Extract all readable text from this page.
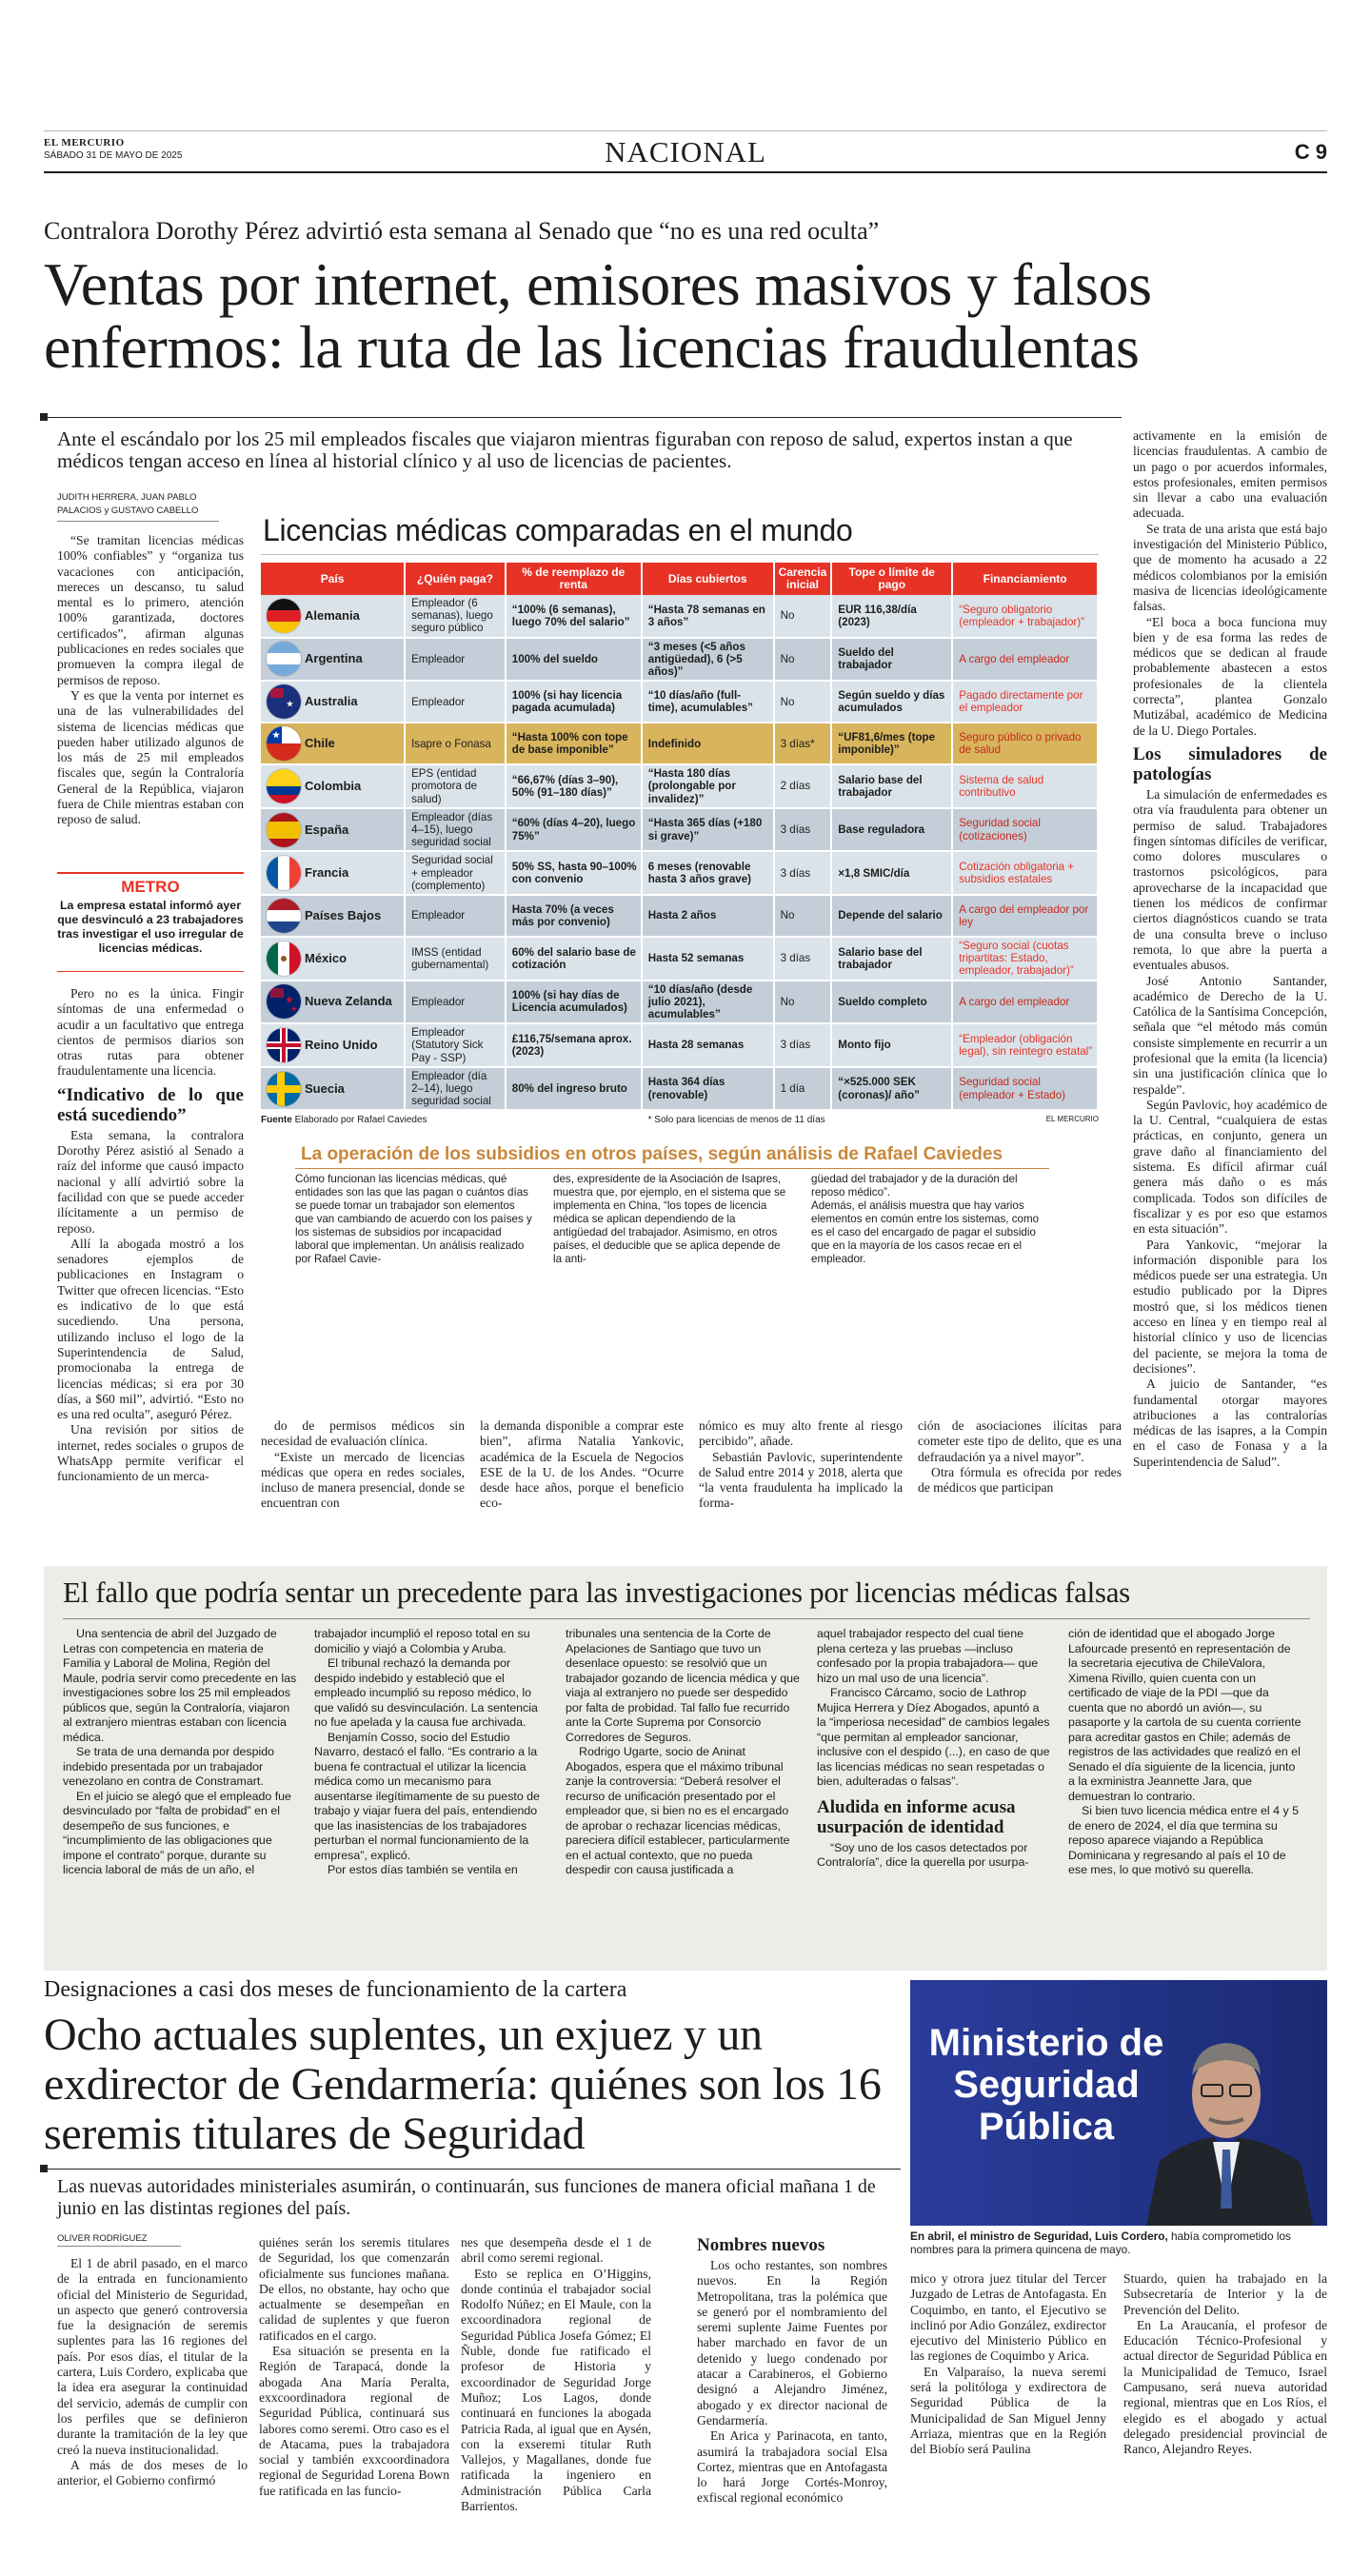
EL MERCURIO
SÁBADO 31 DE MAYO DE 2025	NACIONAL	C 9
Contralora Dorothy Pérez advirtió esta semana al Senado que “no es una red oculta”
Ventas por internet, emisores masivos y falsos enfermos: la ruta de las licencias fraudulentas
Ante el escándalo por los 25 mil empleados fiscales que viajaron mientras figuraban con reposo de salud, expertos instan a que médicos tengan acceso en línea al historial clínico y al uso de licencias de pacientes.
JUDITH HERRERA, JUAN PABLO PALACIOS y GUSTAVO CABELLO

“Se tramitan licencias médicas 100% confiables” y “organiza tus vacaciones con anticipación, mereces un descanso, tu salud mental es lo primero, atención 100% garantizada, doctores certificados”, afirman algunas publicaciones en redes sociales que promueven la compra ilegal de permisos de reposo.

Y es que la venta por internet es una de las vulnerabilidades del sistema de licencias médicas que pueden haber utilizado algunos de los más de 25 mil empleados fiscales que, según la Contraloría General de la República, viajaron fuera de Chile mientras estaban con reposo de salud.

METRO
La empresa estatal informó ayer que desvinculó a 23 trabajadores tras investigar el uso irregular de licencias médicas.

Pero no es la única. Fingir síntomas de una enfermedad o acudir a un facultativo que entrega cientos de permisos diarios son otras rutas para obtener fraudulentamente una licencia.

“Indicativo de lo que está sucediendo”

Esta semana, la contralora Dorothy Pérez asistió al Senado a raíz del informe que causó impacto nacional y allí advirtió sobre la facilidad con que se puede acceder ilícitamente a un permiso de reposo.

Allí la abogada mostró a los senadores ejemplos de publicaciones en Instagram o Twitter que ofrecen licencias. “Esto es indicativo de lo que está sucediendo. Una persona, utilizando incluso el logo de la Superintendencia de Salud, promocionaba la entrega de licencias médicas; si era por 30 días, a $60 mil”, advirtió. “Esto no es una red oculta”, aseguró Pérez.

Una revisión por sitios de internet, redes sociales o grupos de WhatsApp permite verificar el funcionamiento de un merca-

Licencias médicas comparadas en el mundo
País	¿Quién paga?	% de reemplazo de renta	Días cubiertos	Carencia inicial	Tope o límite de pago	Financiamiento

Alemania	Empleador (6 semanas), luego seguro público	“100% (6 semanas), luego 70% del salario”	“Hasta 78 semanas en 3 años”	No	EUR 116,38/día (2023)	“Seguro obligatorio (empleador + trabajador)”

Argentina	Empleador	100% del sueldo	“3 meses (<5 años antigüedad), 6 (>5 años)”	No	Sueldo del trabajador	A cargo del empleador

★ Australia	Empleador	100% (si hay licencia pagada acumulada)	“10 días/año (full-time), acumulables”	No	Según sueldo y días acumulados	Pagado directamente por el empleador

★
Chile	Isapre o Fonasa	“Hasta 100% con tope de base imponible”	Indefinido	3 días*	“UF81,6/mes (tope imponible)”	Seguro público o privado de salud

Colombia	EPS (entidad promotora de salud)	“66,67% (días 3–90), 50% (91–180 días)”	“Hasta 180 días (prolongable por invalidez)”	2 días	Salario base del trabajador	Sistema de salud contributivo

España	Empleador (días 4–15), luego seguridad social	“60% (días 4–20), luego 75%”	“Hasta 365 días (+180 si grave)”	3 días	Base reguladora	Seguridad social (cotizaciones)

Francia	Seguridad social + empleador (complemento)	50% SS, hasta 90–100% con convenio	6 meses (renovable hasta 3 años grave)	3 días	×1,8 SMIC/día	Cotización obligatoria + subsidios estatales

Países Bajos	Empleador	Hasta 70% (a veces más por convenio)	Hasta 2 años	No	Depende del salario	A cargo del empleador por ley

México	IMSS (entidad gubernamental)	60% del salario base de cotización	Hasta 52 semanas	3 días	Salario base del trabajador	“Seguro social (cuotas tripartitas: Estado, empleador, trabajador)”

★
★
Nueva Zelanda	Empleador	100% (si hay días de Licencia acumulados)	“10 días/año (desde julio 2021), acumulables”	No	Sueldo completo	A cargo del empleador

Reino Unido	Empleador (Statutory Sick Pay - SSP)	£116,75/semana aprox. (2023)	Hasta 28 semanas	3 días	Monto fijo	“Empleador (obligación legal), sin reintegro estatal”

Suecia	Empleador (día 2–14), luego seguridad social	80% del ingreso bruto	Hasta 364 días (renovable)	1 día	“×525.000 SEK (coronas)/ año”	Seguridad social (empleador + Estado)
Fuente Elaborado por Rafael Caviedes	* Solo para licencias de menos de 11 días	EL MERCURIO
La operación de los subsidios en otros países, según análisis de Rafael Caviedes
Cómo funcionan las licencias médicas, qué entidades son las que las pagan o cuántos días se puede tomar un trabajador son elementos que van cambiando de acuerdo con los países y los sistemas de subsidios por incapacidad laboral que implementan. Un análisis realizado por Rafael Cavie-
des, expresidente de la Asociación de Isapres, muestra que, por ejemplo, en el sistema que se implementa en China, “los topes de licencia médica se aplican dependiendo de la antigüedad del trabajador. Asimismo, en otros países, el deducible que se aplica depende de la anti-
güedad del trabajador y de la duración del reposo médico”.
Además, el análisis muestra que hay varios elementos en común entre los sistemas, como es el caso del encargado de pagar el subsidio que en la mayoría de los casos recae en el empleador.

do de permisos médicos sin necesidad de evaluación clínica.

“Existe un mercado de licencias médicas que opera en redes sociales, incluso de manera presencial, donde se encuentran con

la demanda disponible a comprar este bien”, afirma Natalia Yankovic, académica de la Escuela de Negocios ESE de la U. de los Andes. “Ocurre desde hace años, porque el beneficio eco-

nómico es muy alto frente al riesgo percibido”, añade.

Sebastián Pavlovic, superintendente de Salud entre 2014 y 2018, alerta que “la venta fraudulenta ha implicado la forma-

ción de asociaciones ilícitas para cometer este tipo de delito, que es una defraudación ya a nivel mayor”.

Otra fórmula es ofrecida por redes de médicos que participan

activamente en la emisión de licencias fraudulentas. A cambio de un pago o por acuerdos informales, estos profesionales, emiten permisos sin llevar a cabo una evaluación adecuada.

Se trata de una arista que está bajo investigación del Ministerio Público, que de momento ha acusado a 22 médicos colombianos por la emisión masiva de licencias ideológicamente falsas.

“El boca a boca funciona muy bien y de esa forma las redes de médicos que se dedican al fraude probablemente abastecen a estos profesionales de la clientela correcta”, plantea Gonzalo Mutizábal, académico de Medicina de la U. Diego Portales.

Los simuladores de patologías

La simulación de enfermedades es otra vía fraudulenta para obtener un permiso de salud. Trabajadores fingen síntomas difíciles de verificar, como dolores musculares o trastornos psicológicos, para aprovecharse de la incapacidad que tienen los médicos de confirmar ciertos diagnósticos cuando se trata de una consulta breve o incluso remota, lo que abre la puerta a eventuales abusos.

José Antonio Santander, académico de Derecho de la U. Católica de la Santísima Concepción, señala que “el método más común consiste simplemente en recurrir a un profesional que la emita (la licencia) sin una justificación clínica que lo respalde”.

Según Pavlovic, hoy académico de la U. Central, “cualquiera de estas prácticas, en conjunto, genera un grave daño al financiamiento del sistema. Es difícil afirmar cuál genera más daño o es más complicada. Todos son difíciles de fiscalizar y es por eso que estamos en esta situación”.

Para Yankovic, “mejorar la información disponible para los médicos puede ser una estrategia. Un estudio publicado por la Dipres mostró que, si los médicos tienen acceso en línea y en tiempo real al historial clínico y uso de licencias del paciente, se mejora la toma de decisiones”.

A juicio de Santander, “es fundamental otorgar mayores atribuciones a las contralorías médicas de las isapres, a la Compin en el caso de Fonasa y a la Superintendencia de Salud”.

El fallo que podría sentar un precedente para las investigaciones por licencias médicas falsas

Una sentencia de abril del Juzgado de Letras con competencia en materia de Familia y Laboral de Molina, Región del Maule, podría servir como precedente en las investigaciones sobre los 25 mil empleados públicos que, según la Contraloría, viajaron al extranjero mientras estaban con licencia médica.

Se trata de una demanda por despido indebido presentada por un trabajador venezolano en contra de Constramart.

En el juicio se alegó que el empleado fue desvinculado por “falta de probidad” en el desempeño de sus funciones, e “incumplimiento de las obligaciones que impone el contrato” porque, durante su licencia laboral de más de un año, el

trabajador incumplió el reposo total en su domicilio y viajó a Colombia y Aruba.

El tribunal rechazó la demanda por despido indebido y estableció que el empleado incumplió su reposo médico, lo que validó su desvinculación. La sentencia no fue apelada y la causa fue archivada.

Benjamín Cosso, socio del Estudio Navarro, destacó el fallo. “Es contrario a la buena fe contractual el utilizar la licencia médica como un mecanismo para ausentarse ilegítimamente de su puesto de trabajo y viajar fuera del país, entendiendo que las inasistencias de los trabajadores perturban el normal funcionamiento de la empresa”, explicó.

Por estos días también se ventila en

tribunales una sentencia de la Corte de Apelaciones de Santiago que tuvo un desenlace opuesto: se resolvió que un trabajador gozando de licencia médica y que viaja al extranjero no puede ser despedido por falta de probidad. Tal fallo fue recurrido ante la Corte Suprema por Consorcio Corredores de Seguros.

Rodrigo Ugarte, socio de Aninat Abogados, espera que el máximo tribunal zanje la controversia: “Deberá resolver el recurso de unificación presentado por el empleador que, si bien no es el encargado de aprobar o rechazar licencias médicas, pareciera difícil establecer, particularmente en el actual contexto, que no pueda despedir con causa justificada a

aquel trabajador respecto del cual tiene plena certeza y las pruebas —incluso confesado por la propia trabajadora— que hizo un mal uso de una licencia”.

Francisco Cárcamo, socio de Lathrop Mujica Herrera y Díez Abogados, apuntó a la “imperiosa necesidad” de cambios legales “que permitan al empleador sancionar, inclusive con el despido (...), en caso de que las licencias médicas no sean respetadas o bien, adulteradas o falsas”.

Aludida en informe acusa usurpación de identidad

“Soy uno de los casos detectados por Contraloría”, dice la querella por usurpa-

ción de identidad que el abogado Jorge Lafourcade presentó en representación de la secretaria ejecutiva de ChileValora, Ximena Rivillo, quien cuenta con un certificado de viaje de la PDI —que da cuenta que no abordó un avión—, su pasaporte y la cartola de su cuenta corriente para acreditar gastos en Chile; además de registros de las actividades que realizó en el Senado el día siguiente de la licencia, junto a la exministra Jeannette Jara, que demuestran lo contrario.

Si bien tuvo licencia médica entre el 4 y 5 de enero de 2024, el día que termina su reposo aparece viajando a República Dominicana y regresando al país el 10 de ese mes, lo que motivó su querella.

Designaciones a casi dos meses de funcionamiento de la cartera
Ocho actuales suplentes, un exjuez y un exdirector de Gendarmería: quiénes son los 16 seremis titulares de Seguridad
Las nuevas autoridades ministeriales asumirán, o continuarán, sus funciones de manera oficial mañana 1 de junio en las distintas regiones del país.
OLIVER RODRÍGUEZ

El 1 de abril pasado, en el marco de la entrada en funcionamiento oficial del Ministerio de Seguridad, un aspecto que generó controversia fue la designación de seremis suplentes para las 16 regiones del país. Por esos días, el titular de la cartera, Luis Cordero, explicaba que la idea era asegurar la continuidad del servicio, además de cumplir con los perfiles que se definieron durante la tramitación de la ley que creó la nueva institucionalidad.

A más de dos meses de lo anterior, el Gobierno confirmó

quiénes serán los seremis titulares de Seguridad, los que comenzarán oficialmente sus funciones mañana. De ellos, no obstante, hay ocho que actualmente se desempeñan en calidad de suplentes y que fueron ratificados en el cargo.

Esa situación se presenta en la Región de Tarapacá, donde la abogada Ana María Peralta, exxcoordinadora regional de Seguridad Pública, continuará sus labores como seremi. Otro caso es el de Atacama, pues la trabajadora social y también exxcoordinadora regional de Seguridad Lorena Bown fue ratificada en las funcio-

nes que desempeña desde el 1 de abril como seremi regional.

Esto se replica en O’Higgins, donde continúa el trabajador social Rodolfo Núñez; en El Maule, con la excoordinadora regional de Seguridad Pública Josefa Gómez; El Ñuble, donde fue ratificado el profesor de Historia y excoordinador de Seguridad Jorge Muñoz; Los Lagos, donde continuará en funciones la abogada Patricia Rada, al igual que en Aysén, con la exseremi titular Ruth Vallejos, y Magallanes, donde fue ratificada la ingeniero en Administración Pública Carla Barrientos.

Nombres nuevos

Los ocho restantes, son nombres nuevos. En la Región Metropolitana, tras la polémica que se generó por el nombramiento del seremi suplente Jaime Fuentes por haber marchado en favor de un detenido y luego condenado por atacar a Carabineros, el Gobierno designó a Alejandro Jiménez, abogado y ex director nacional de Gendarmería.

En Arica y Parinacota, en tanto, asumirá la trabajadora social Elsa Cortez, mientras que en Antofagasta lo hará Jorge Cortés-Monroy, exfiscal regional económico

Ministerio de
Seguridad
Pública
En abril, el ministro de Seguridad, Luis Cordero, había comprometido los nombres para la primera quincena de mayo.

mico y otrora juez titular del Tercer Juzgado de Letras de Antofagasta. En Coquimbo, en tanto, el Ejecutivo se inclinó por Adio González, exdirector ejecutivo del Ministerio Público en las regiones de Coquimbo y Arica.

En Valparaíso, la nueva seremi será la politóloga y exdirectora de Seguridad Pública de la Municipalidad de San Miguel Jenny Arriaza, mientras que en la Región del Biobío será Paulina

Stuardo, quien ha trabajado en la Subsecretaría de Interior y la de Prevención del Delito.

En La Araucanía, el profesor de Educación Técnico-Profesional y actual director de Seguridad Pública en la Municipalidad de Temuco, Israel Campusano, será nueva autoridad regional, mientras que en Los Ríos, el elegido es el abogado y actual delegado presidencial provincial de Ranco, Alejandro Reyes.
